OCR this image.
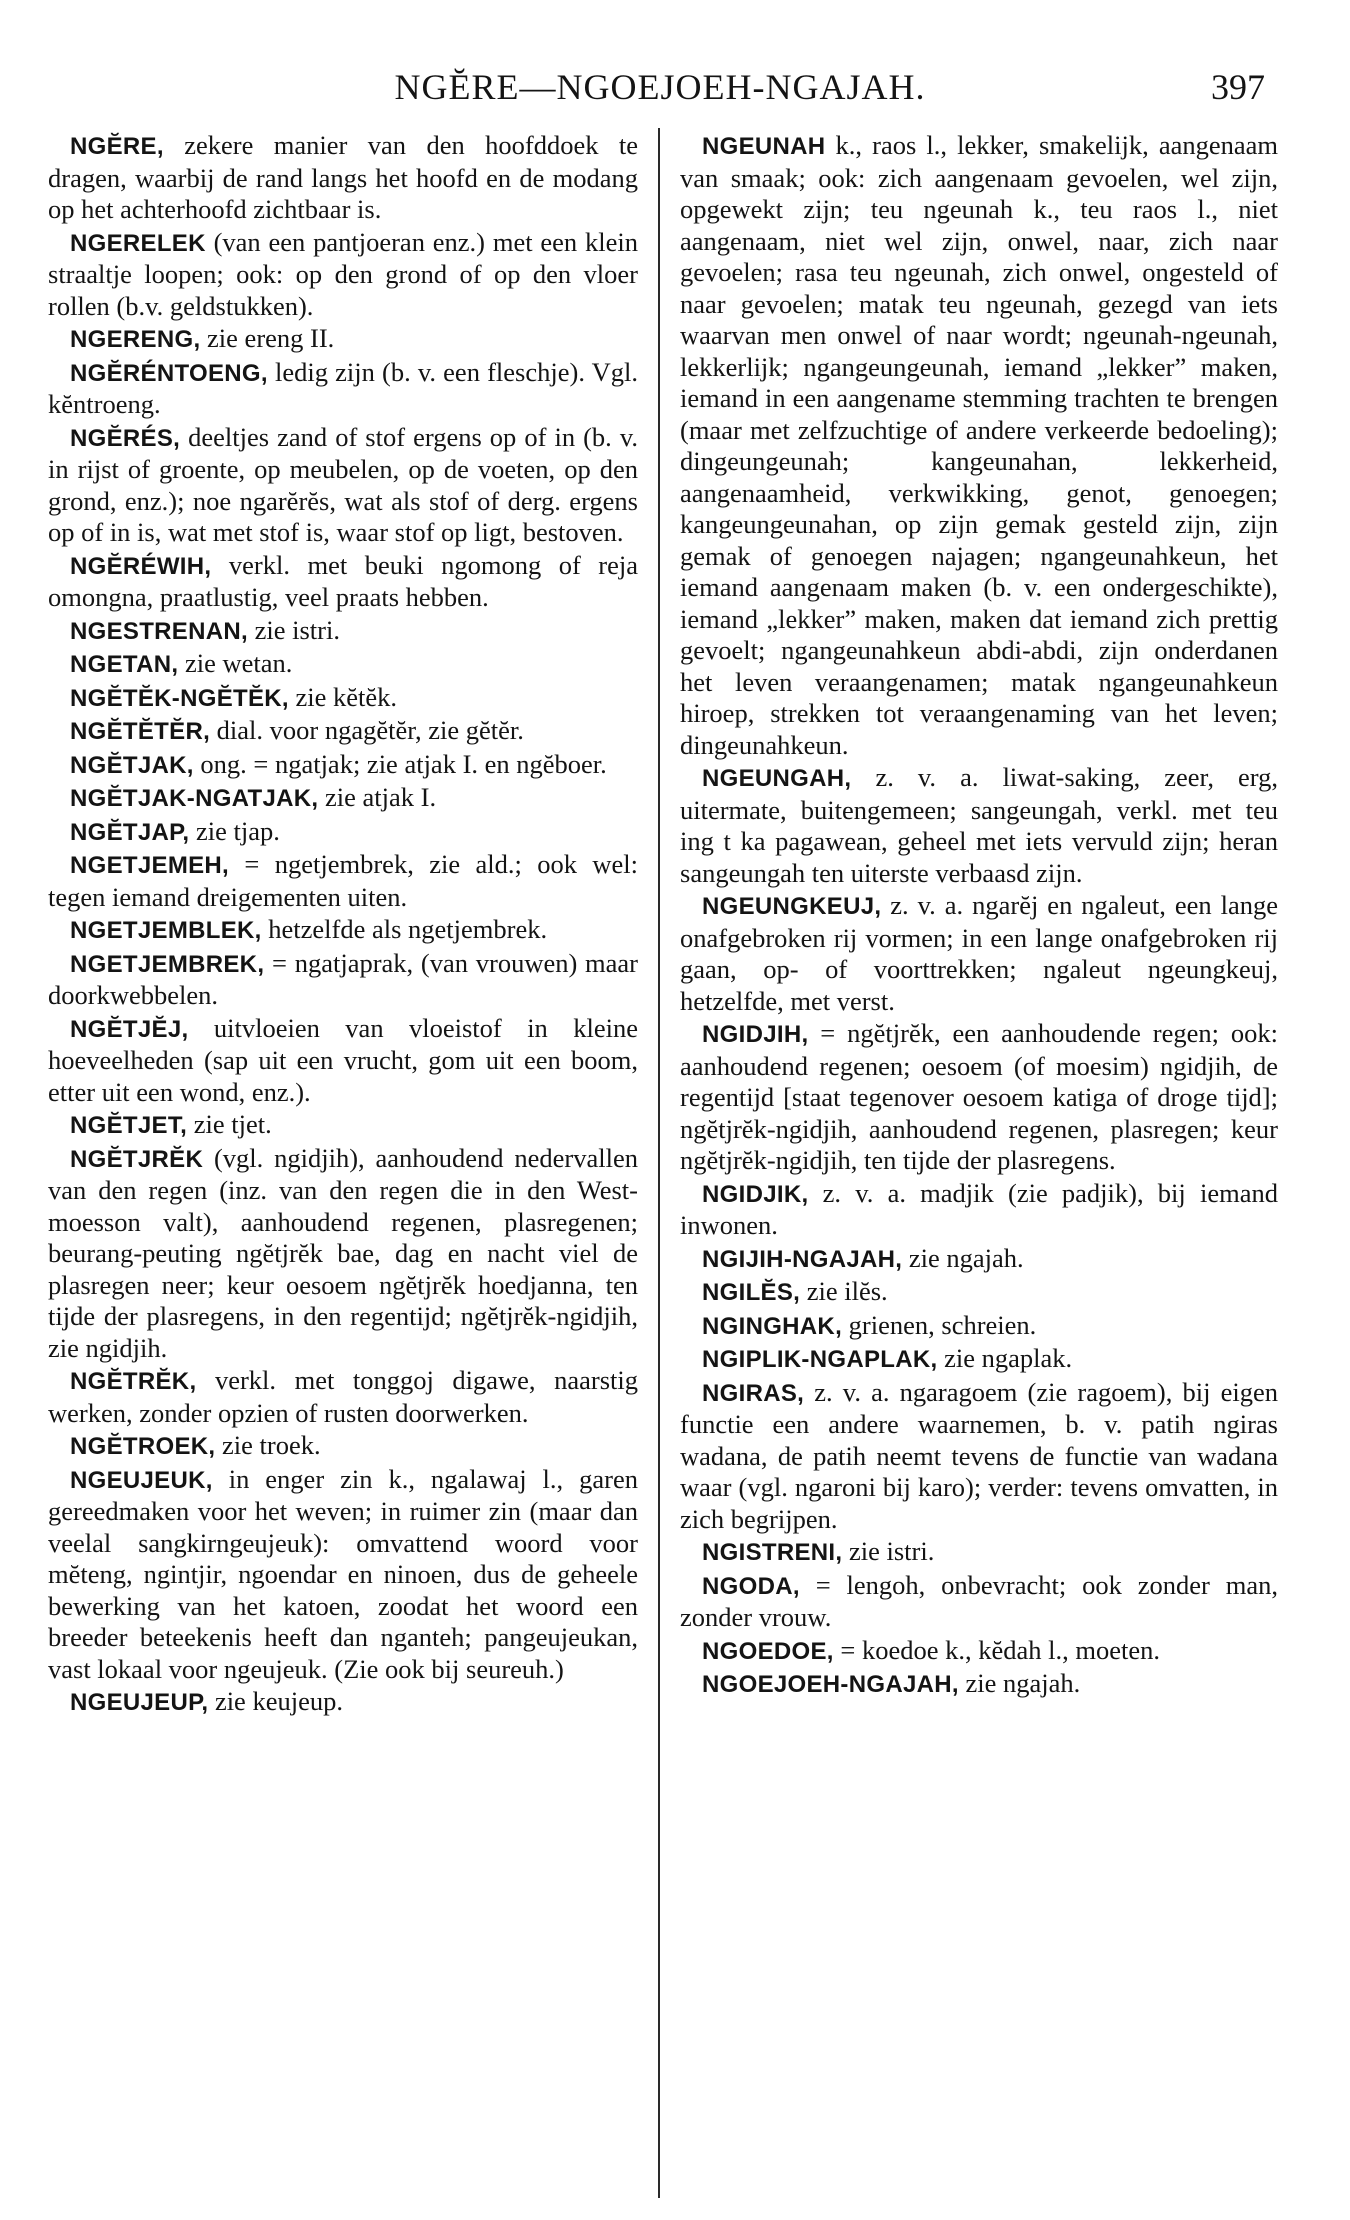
NGĔRE—NGOEJOEH-NGAJAH.	397

NGĔRE, zekere manier van den hoofddoek te dragen, waarbij de rand langs het hoofd en de modang op het achterhoofd zichtbaar is.

NGERELEK (van een pantjoeran enz.) met een klein straaltje loopen; ook: op den grond of op den vloer rollen (b.v. geldstukken).

NGERENG, zie ereng II.

NGĔRÉNTOENG, ledig zijn (b. v. een fleschje). Vgl. kĕntroeng.

NGĔRÉS, deeltjes zand of stof ergens op of in (b. v. in rijst of groente, op meubelen, op de voeten, op den grond, enz.); noe ngarĕrĕs, wat als stof of derg. ergens op of in is, wat met stof is, waar stof op ligt, bestoven.

NGĔRÉWIH, verkl. met beuki ngomong of reja omongna, praatlustig, veel praats hebben.

NGESTRENAN, zie istri.

NGETAN, zie wetan.

NGĔTĔK-NGĔTĔK, zie kĕtĕk.

NGĔTĔTĔR, dial. voor ngagĕtĕr, zie gĕtĕr.

NGĔTJAK, ong. = ngatjak; zie atjak I. en ngĕboer.

NGĔTJAK-NGATJAK, zie atjak I.

NGĔTJAP, zie tjap.

NGETJEMEH, = ngetjembrek, zie ald.; ook wel: tegen iemand dreigementen uiten.

NGETJEMBLEK, hetzelfde als ngetjembrek.

NGETJEMBREK, = ngatjaprak, (van vrouwen) maar doorkwebbelen.

NGĔTJĔJ, uitvloeien van vloeistof in kleine hoeveelheden (sap uit een vrucht, gom uit een boom, etter uit een wond, enz.).

NGĔTJET, zie tjet.

NGĔTJRĔK (vgl. ngidjih), aanhoudend nedervallen van den regen (inz. van den regen die in den West-moesson valt), aanhoudend regenen, plasregenen; beurang-peuting ngĕtjrĕk bae, dag en nacht viel de plasregen neer; keur oesoem ngĕtjrĕk hoedjanna, ten tijde der plasregens, in den regentijd; ngĕtjrĕk-ngidjih, zie ngidjih.

NGĔTRĔK, verkl. met tonggoj digawe, naarstig werken, zonder opzien of rusten doorwerken.

NGĔTROEK, zie troek.

NGEUJEUK, in enger zin k., ngalawaj l., garen gereedmaken voor het weven; in ruimer zin (maar dan veelal sangkirngeujeuk): omvattend woord voor mĕteng, ngintjir, ngoendar en ninoen, dus de geheele bewerking van het katoen, zoodat het woord een breeder beteekenis heeft dan nganteh; pangeujeukan, vast lokaal voor ngeujeuk. (Zie ook bij seureuh.)

NGEUJEUP, zie keujeup.

NGEUNAH k., raos l., lekker, smakelijk, aangenaam van smaak; ook: zich aangenaam gevoelen, wel zijn, opgewekt zijn; teu ngeunah k., teu raos l., niet aangenaam, niet wel zijn, onwel, naar, zich naar gevoelen; rasa teu ngeunah, zich onwel, ongesteld of naar gevoelen; matak teu ngeunah, gezegd van iets waarvan men onwel of naar wordt; ngeunah-ngeunah, lekkerlijk; ngangeungeunah, iemand „lekker” maken, iemand in een aangename stemming trachten te brengen (maar met zelfzuchtige of andere verkeerde bedoeling); dingeungeunah; kangeunahan, lekkerheid, aangenaamheid, verkwikking, genot, genoegen; kangeungeunahan, op zijn gemak gesteld zijn, zijn gemak of genoegen najagen; ngangeunahkeun, het iemand aangenaam maken (b. v. een ondergeschikte), iemand „lekker” maken, maken dat iemand zich prettig gevoelt; ngangeunahkeun abdi-abdi, zijn onderdanen het leven veraangenamen; matak ngangeunahkeun hiroep, strekken tot veraangenaming van het leven; dingeunahkeun.

NGEUNGAH, z. v. a. liwat-saking, zeer, erg, uitermate, buitengemeen; sangeungah, verkl. met teu ing t ka pagawean, geheel met iets vervuld zijn; heran sangeungah ten uiterste verbaasd zijn.

NGEUNGKEUJ, z. v. a. ngarĕj en ngaleut, een lange onafgebroken rij vormen; in een lange onafgebroken rij gaan, op- of voorttrekken; ngaleut ngeungkeuj, hetzelfde, met verst.

NGIDJIH, = ngĕtjrĕk, een aanhoudende regen; ook: aanhoudend regenen; oesoem (of moesim) ngidjih, de regentijd [staat tegenover oesoem katiga of droge tijd]; ngĕtjrĕk-ngidjih, aanhoudend regenen, plasregen; keur ngĕtjrĕk-ngidjih, ten tijde der plasregens.

NGIDJIK, z. v. a. madjik (zie padjik), bij iemand inwonen.

NGIJIH-NGAJAH, zie ngajah.

NGILĔS, zie ilĕs.

NGINGHAK, grienen, schreien.

NGIPLIK-NGAPLAK, zie ngaplak.

NGIRAS, z. v. a. ngaragoem (zie ragoem), bij eigen functie een andere waarnemen, b. v. patih ngiras wadana, de patih neemt tevens de functie van wadana waar (vgl. ngaroni bij karo); verder: tevens omvatten, in zich begrijpen.

NGISTRENI, zie istri.

NGODA, = lengoh, onbevracht; ook zonder man, zonder vrouw.

NGOEDOE, = koedoe k., kĕdah l., moeten.

NGOEJOEH-NGAJAH, zie ngajah.
